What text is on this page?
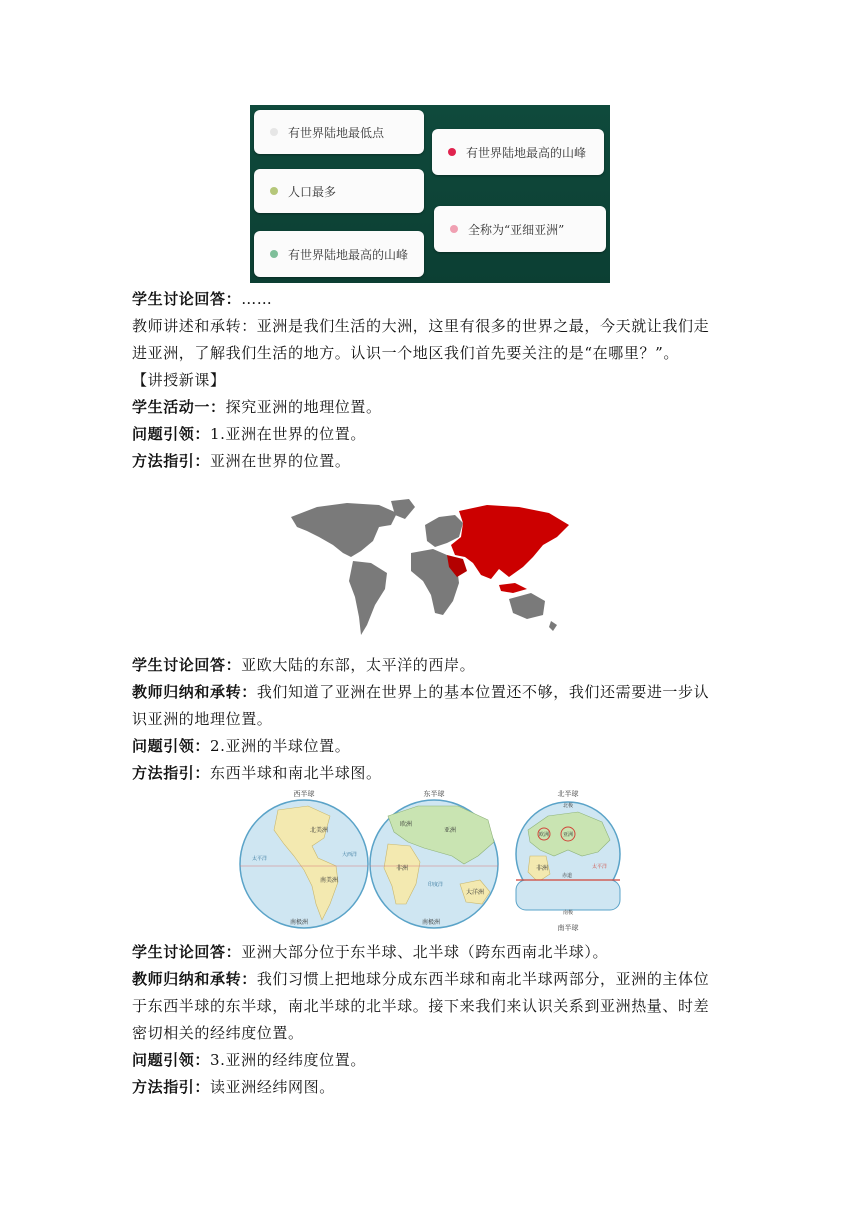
有世界陆地最低点
人口最多
有世界陆地最高的山峰
有世界陆地最高的山峰
全称为“亚细亚洲”
学生讨论回答：……
教师讲述和承转：亚洲是我们生活的大洲，这里有很多的世界之最，今天就让我们走进亚洲，了解我们生活的地方。认识一个地区我们首先要关注的是“在哪里？”。
【讲授新课】
学生活动一：探究亚洲的地理位置。
问题引领：1.亚洲在世界的位置。
方法指引：亚洲在世界的位置。
学生讨论回答：亚欧大陆的东部，太平洋的西岸。
教师归纳和承转：我们知道了亚洲在世界上的基本位置还不够，我们还需要进一步认识亚洲的地理位置。
问题引领：2.亚洲的半球位置。
方法指引：东西半球和南北半球图。
西半球
北美洲
南美洲
南极洲
太平洋
大西洋
东半球
亚洲
欧洲
非洲
大洋洲
印度洋
南极洲
北半球
北极
亚洲
欧洲
非洲
赤道
南极
太平洋
南半球
学生讨论回答：亚洲大部分位于东半球、北半球（跨东西南北半球）。
教师归纳和承转：我们习惯上把地球分成东西半球和南北半球两部分，亚洲的主体位于东西半球的东半球，南北半球的北半球。接下来我们来认识关系到亚洲热量、时差密切相关的经纬度位置。
问题引领：3.亚洲的经纬度位置。
方法指引：读亚洲经纬网图。
